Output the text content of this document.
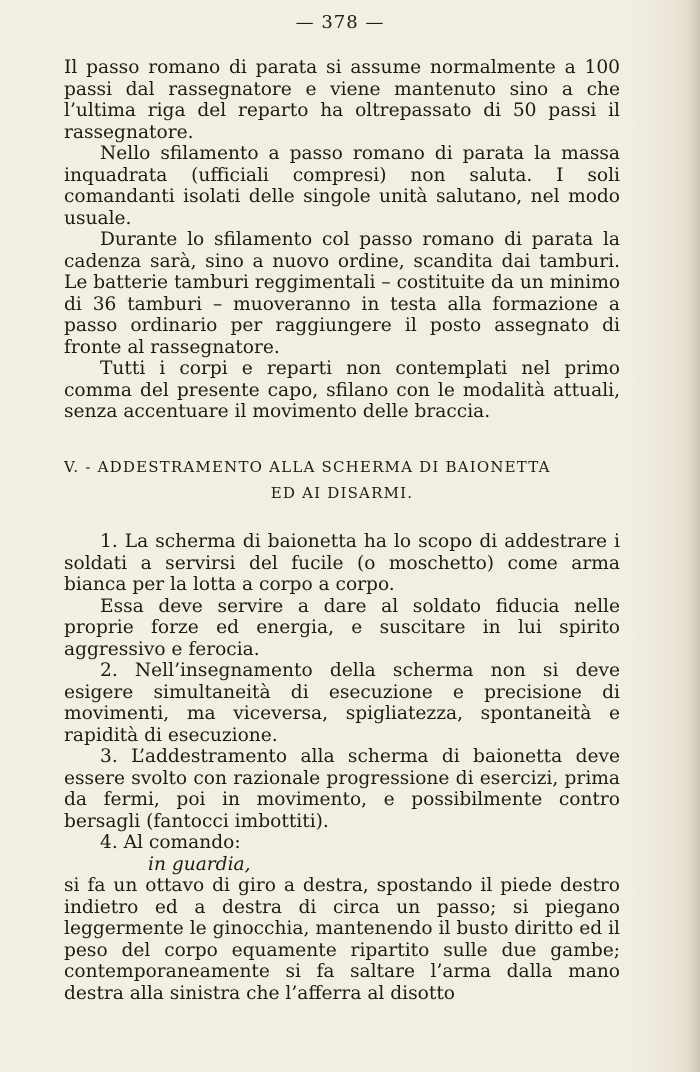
— 378 —

Il passo romano di parata si assume normalmente a 100 passi dal rassegnatore e viene mantenuto sino a che l’ultima riga del reparto ha oltrepassato di 50 passi il rassegnatore.

Nello sfilamento a passo romano di parata la massa inquadrata (ufficiali compresi) non saluta. I soli comandanti isolati delle singole unità salutano, nel modo usuale.

Durante lo sfilamento col passo romano di parata la cadenza sarà, sino a nuovo ordine, scandita dai tamburi. Le batterie tamburi reggimentali – costituite da un minimo di 36 tamburi – muoveranno in testa alla formazione a passo ordinario per raggiungere il posto assegnato di fronte al rassegnatore.

Tutti i corpi e reparti non contemplati nel primo comma del presente capo, sfilano con le modalità attuali, senza accentuare il movimento delle braccia.

V. - ADDESTRAMENTO ALLA SCHERMA DI BAIONETTA
ED AI DISARMI.

1. La scherma di baionetta ha lo scopo di addestrare i soldati a servirsi del fucile (o moschetto) come arma bianca per la lotta a corpo a corpo.

Essa deve servire a dare al soldato fiducia nelle proprie forze ed energia, e suscitare in lui spirito aggressivo e ferocia.

2. Nell’insegnamento della scherma non si deve esigere simultaneità di esecuzione e precisione di movimenti, ma viceversa, spigliatezza, spontaneità e rapidità di esecuzione.

3. L’addestramento alla scherma di baionetta deve essere svolto con razionale progressione di esercizi, prima da fermi, poi in movimento, e possibilmente contro bersagli (fantocci imbottiti).

4. Al comando:

in guardia,

si fa un ottavo di giro a destra, spostando il piede destro indietro ed a destra di circa un passo; si piegano leggermente le ginocchia, mantenendo il busto diritto ed il peso del corpo equamente ripartito sulle due gambe; contemporaneamente si fa saltare l’arma dalla mano destra alla sinistra che l’afferra al disotto
